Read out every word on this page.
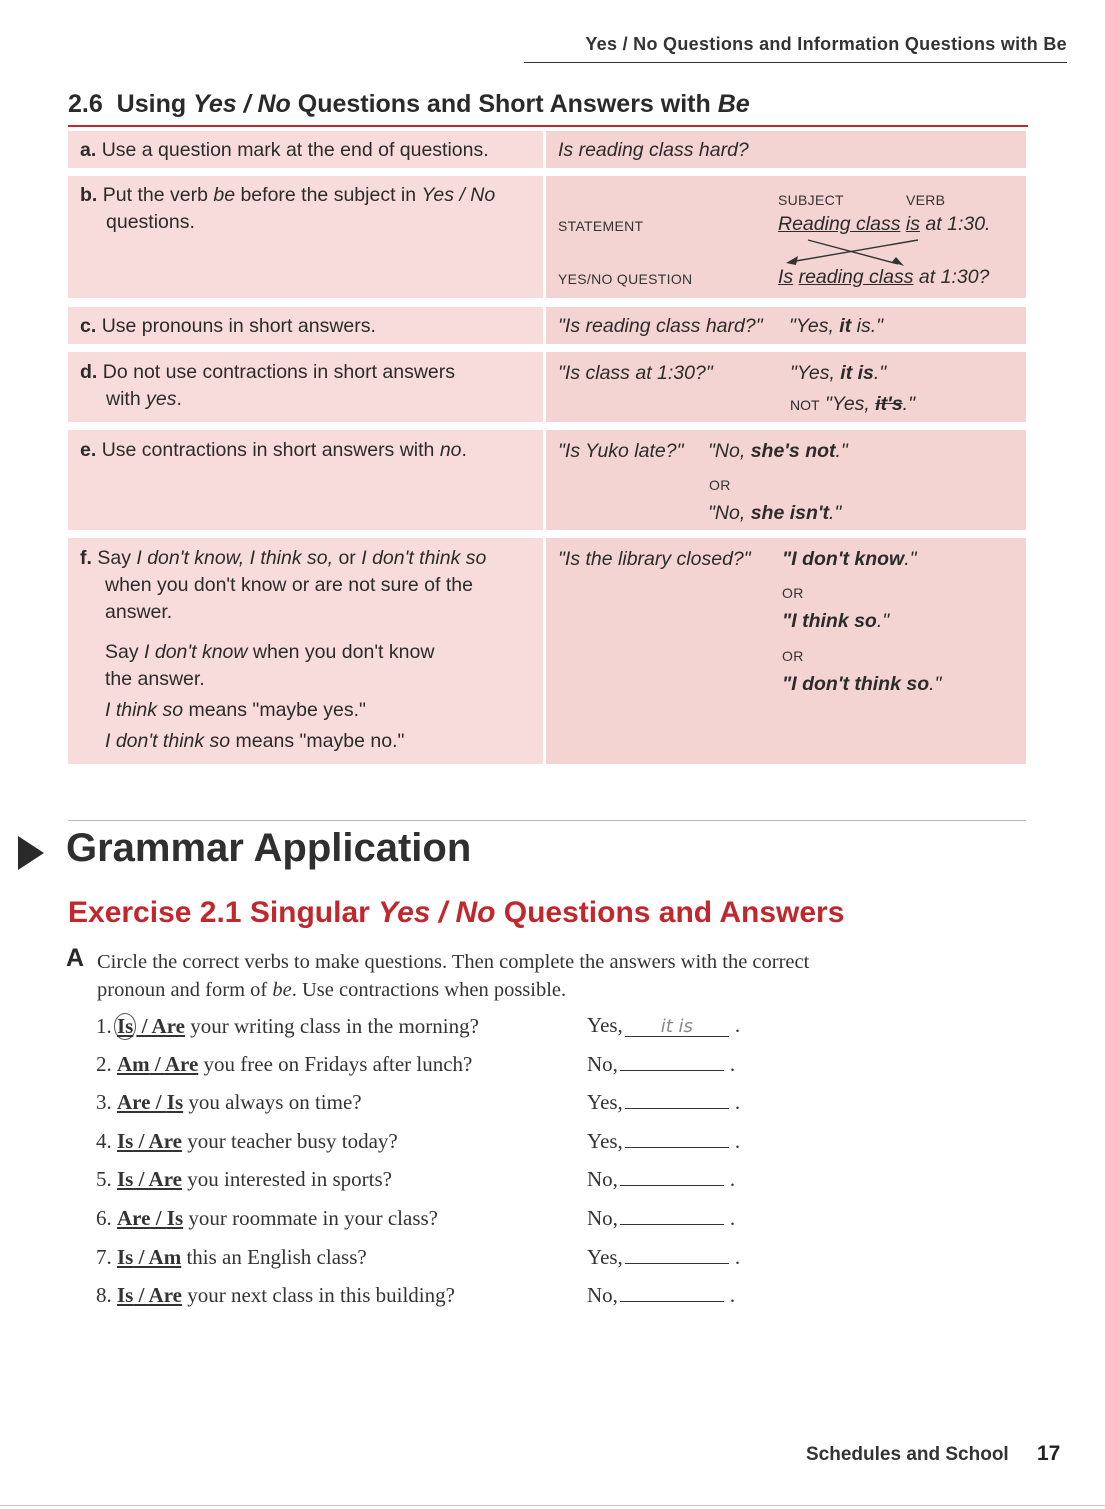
Yes / No Questions and Information Questions with Be
2.6 Using Yes / No Questions and Short Answers with Be
a. Use a question mark at the end of questions.	Is reading class hard?
b. Put the verb be before the subject in Yes / No
questions.
SUBJECT	VERB
STATEMENT	Reading class is at 1:30.
YES/NO QUESTION	Is reading class at 1:30?
c. Use pronouns in short answers.	"Is reading class hard?" "Yes, it is."
d. Do not use contractions in short answers
with yes.
"Is class at 1:30?"	"Yes, it is."
NOT "Yes, it's."
e. Use contractions in short answers with no.	"Is Yuko late?" "No, she's not."
OR
"No, she isn't."
f. Say I don't know, I think so, or I don't think so
when you don't know or are not sure of the
answer.
Say I don't know when you don't know
the answer.
I think so means "maybe yes."
I don't think so means "maybe no."
"Is the library closed?" "I don't know."
OR
"I think so."
OR
"I don't think so."
Grammar Application
Exercise 2.1 Singular Yes / No Questions and Answers
A Circle the correct verbs to make questions. Then complete the answers with the correct
pronoun and form of be. Use contractions when possible.
1. Is / Are your writing class in the morning?	Yes, it is .
2. Am / Are you free on Fridays after lunch?	No,	.
3. Are / Is you always on time?	Yes,	.
4. Is / Are your teacher busy today?	Yes,	.
5. Is / Are you interested in sports?	No,	.
6. Are / Is your roommate in your class?	No,	.
7. Is / Am this an English class?	Yes,	.
8. Is / Are your next class in this building?	No,	.
Schedules and School 17
